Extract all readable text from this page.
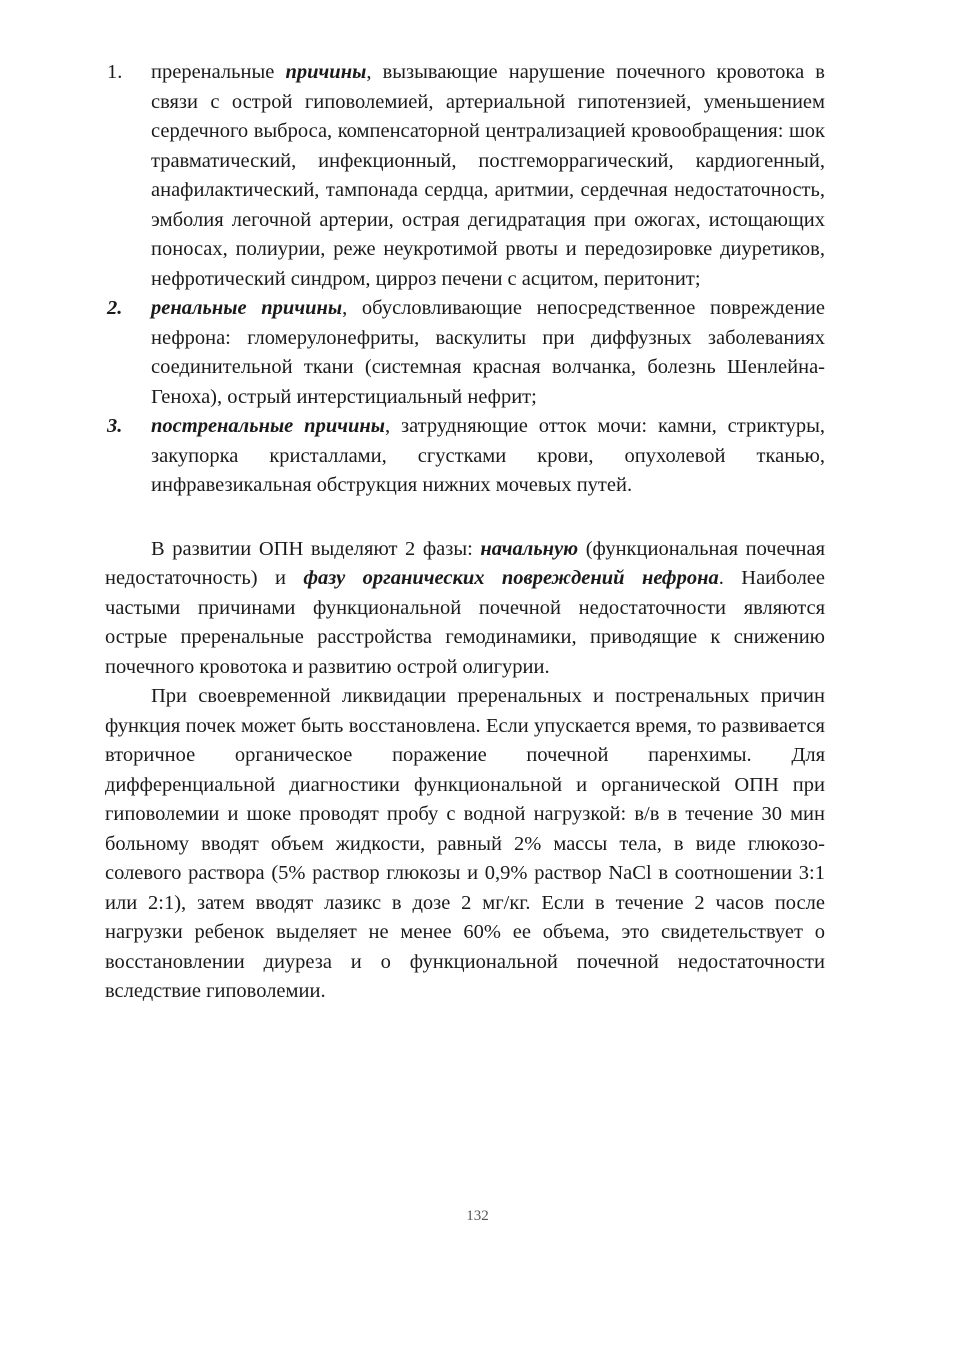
1. преренальные причины, вызывающие нарушение почечного кровотока в связи с острой гиповолемией, артериальной гипотензией, уменьшением сердечного выброса, компенсаторной централизацией кровообращения: шок травматический, инфекционный, постгеморрагический, кардиогенный, анафилактический, тампонада сердца, аритмии, сердечная недостаточность, эмболия легочной артерии, острая дегидратация при ожогах, истощающих поносах, полиурии, реже неукротимой рвоты и передозировке диуретиков, нефротический синдром, цирроз печени с асцитом, перитонит;
2. ренальные причины, обусловливающие непосредственное повреждение нефрона: гломерулонефриты, васкулиты при диффузных заболеваниях соединительной ткани (системная красная волчанка, болезнь Шенлейна-Геноха), острый интерстициальный нефрит;
3. постренальные причины, затрудняющие отток мочи: камни, стриктуры, закупорка кристаллами, сгустками крови, опухолевой тканью, инфравезикальная обструкция нижних мочевых путей.

В развитии ОПН выделяют 2 фазы: начальную (функциональная почечная недостаточность) и фазу органических повреждений нефрона. Наиболее частыми причинами функциональной почечной недостаточности являются острые преренальные расстройства гемодинамики, приводящие к снижению почечного кровотока и развитию острой олигурии.

При своевременной ликвидации преренальных и постренальных причин функция почек может быть восстановлена. Если упускается время, то развивается вторичное органическое поражение почечной паренхимы. Для дифференциальной диагностики функциональной и органической ОПН при гиповолемии и шоке проводят пробу с водной нагрузкой: в/в в течение 30 мин больному вводят объем жидкости, равный 2% массы тела, в виде глюкозо-солевого раствора (5% раствор глюкозы и 0,9% раствор NaCl в соотношении 3:1 или 2:1), затем вводят лазикс в дозе 2 мг/кг. Если в течение 2 часов после нагрузки ребенок выделяет не менее 60% ее объема, это свидетельствует о восстановлении диуреза и о функциональной почечной недостаточности вследствие гиповолемии.

132
